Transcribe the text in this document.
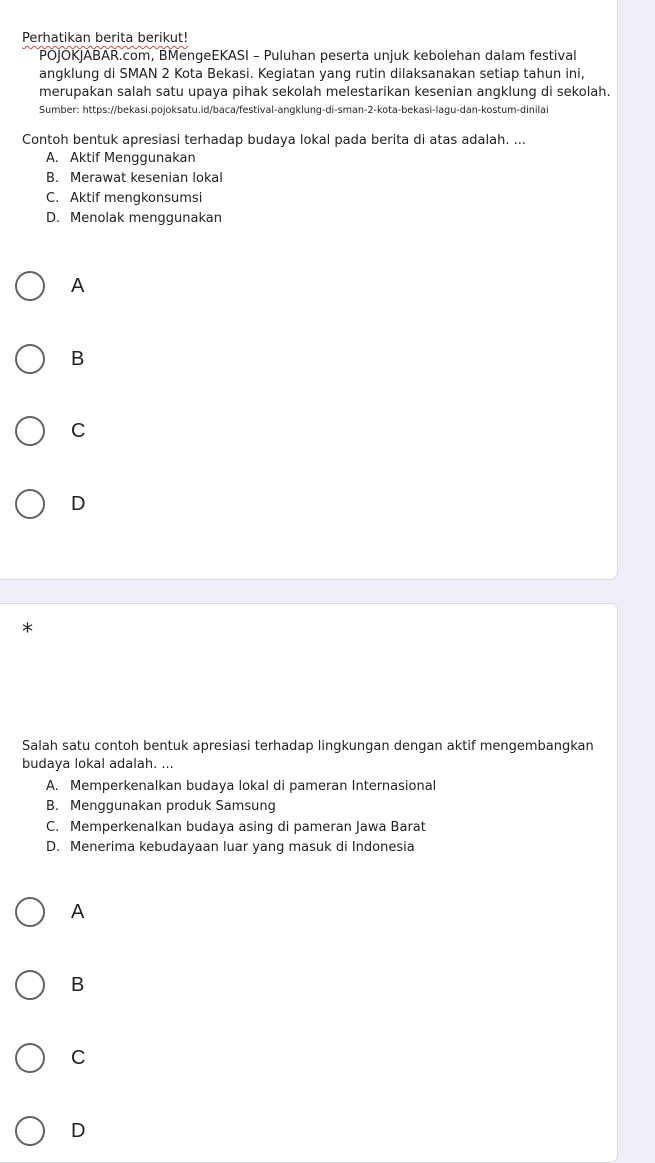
Perhatikan berita berikut!
POJOKJABAR.com, BMengeEKASI – Puluhan peserta unjuk kebolehan dalam festival
angklung di SMAN 2 Kota Bekasi. Kegiatan yang rutin dilaksanakan setiap tahun ini,
merupakan salah satu upaya pihak sekolah melestarikan kesenian angklung di sekolah.
Sumber: https://bekasi.pojoksatu.id/baca/festival-angklung-di-sman-2-kota-bekasi-lagu-dan-kostum-dinilai
Contoh bentuk apresiasi terhadap budaya lokal pada berita di atas adalah. ...
A. Aktif Menggunakan
B. Merawat kesenian lokal
C. Aktif mengkonsumsi
D. Menolak menggunakan
A
B
C
D
*
Salah satu contoh bentuk apresiasi terhadap lingkungan dengan aktif mengembangkan
budaya lokal adalah. ...
A. Memperkenalkan budaya lokal di pameran Internasional
B. Menggunakan produk Samsung
C. Memperkenalkan budaya asing di pameran Jawa Barat
D. Menerima kebudayaan luar yang masuk di Indonesia
A
B
C
D
